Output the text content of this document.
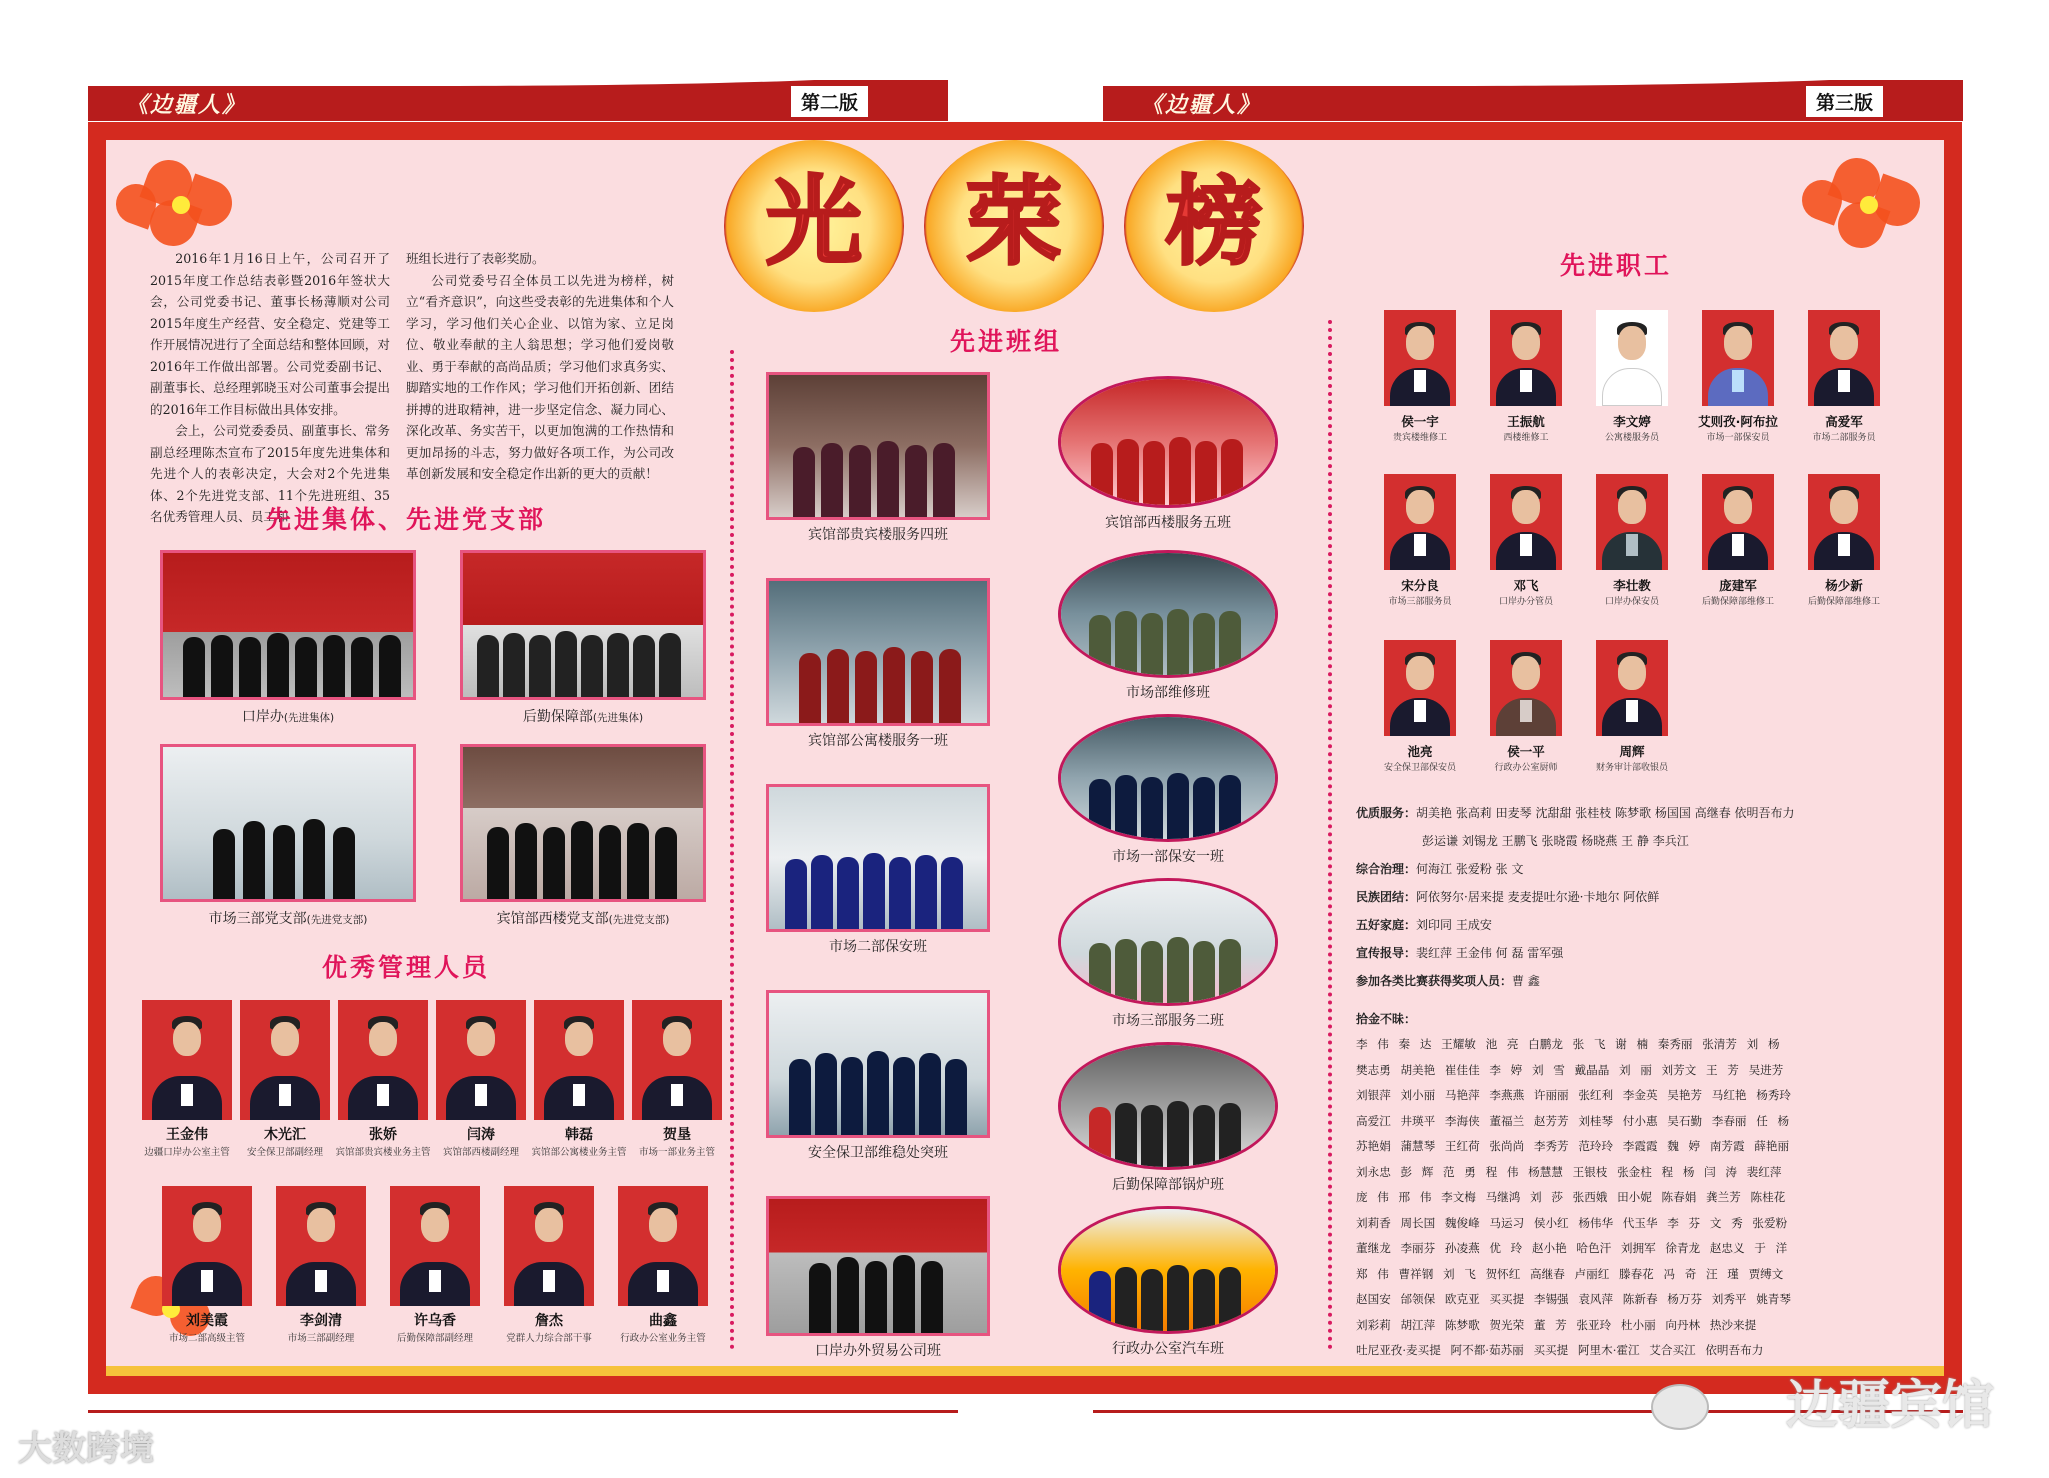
《边疆人》	第二版	《边疆人》	第三版
光	荣	榜

2016年1月16日上午，公司召开了2015年度工作总结表彰暨2016年签状大会，公司党委书记、董事长杨薄顺对公司2015年度生产经营、安全稳定、党建等工作开展情况进行了全面总结和整体回顾，对2016年工作做出部署。公司党委副书记、副董事长、总经理郭晓玉对公司董事会提出的2016年工作目标做出具体安排。

会上，公司党委委员、副董事长、常务副总经理陈杰宣布了2015年度先进集体和先进个人的表彰决定，大会对2个先进集体、2个先进党支部、11个先进班组、35名优秀管理人员、员工和

班组长进行了表彰奖励。

公司党委号召全体员工以先进为榜样，树立“看齐意识”，向这些受表彰的先进集体和个人学习，学习他们关心企业、以馆为家、立足岗位、敬业奉献的主人翁思想；学习他们爱岗敬业、勇于奉献的高尚品质；学习他们求真务实、脚踏实地的工作作风；学习他们开拓创新、团结拼搏的进取精神，进一步坚定信念、凝力同心、深化改革、务实苦干，以更加饱满的工作热情和更加昂扬的斗志，努力做好各项工作，为公司改革创新发展和安全稳定作出新的更大的贡献！

先进集体、先进党支部
口岸办(先进集体)	后勤保障部(先进集体)
市场三部党支部(先进党支部)	宾馆部西楼党支部(先进党支部)
优秀管理人员
王金伟	木光汇	张娇	闫涛	韩磊	贺垦
边疆口岸办公室主管	安全保卫部副经理	宾馆部贵宾楼业务主管	宾馆部西楼副经理	宾馆部公寓楼业务主管	市场一部业务主管
刘美霞	李剑清	许乌香	詹杰	曲鑫
市场二部高级主管	市场三部副经理	后勤保障部副经理	党群人力综合部干事	行政办公室业务主管
先进班组
宾馆部贵宾楼服务四班
宾馆部公寓楼服务一班
市场二部保安班
安全保卫部维稳处突班
口岸办外贸易公司班
宾馆部西楼服务五班
市场部维修班
市场一部保安一班
市场三部服务二班
后勤保障部锅炉班
行政办公室汽车班
先进职工
侯一宇	王振航	李文婷	艾则孜·阿布拉	高爱军
贵宾楼维修工	西楼维修工	公寓楼服务员	市场一部保安员	市场二部服务员
宋分良	邓飞	李壮教	庞建军	杨少新
市场三部服务员	口岸办分管员	口岸办保安员	后勤保障部维修工	后勤保障部维修工
池亮	侯一平	周辉
安全保卫部保安员	行政办公室厨师	财务审计部收银员
优质服务：胡美艳 张高莉 田麦琴 沈甜甜 张桂枝 陈梦歌 杨国国 高继春 依明吾布力
彭运谦 刘锡龙 王鹏飞 张晓霞 杨晓燕 王 静 李兵江
综合治理：何海江 张爱粉 张 文
民族团结：阿依努尔·居来提 麦麦提吐尔逊·卡地尔 阿依鲜
五好家庭：刘印同 王成安
宣传报导：裴红萍 王金伟 何 磊 雷军强
参加各类比赛获得奖项人员：曹 鑫
拾金不昧：
李 伟 秦 达 王耀敏 池 亮 白鹏龙 张 飞 谢 楠 秦秀丽 张清芳 刘 杨
樊志勇 胡美艳 崔佳佳 李 婷 刘 雪 戴晶晶 刘 丽 刘芳文 王 芳 吴进芳
刘银萍 刘小丽 马艳萍 李燕燕 许丽丽 张红利 李金英 吴艳芳 马红艳 杨秀玲
高爱江 井瑛平 李海侠 董福兰 赵芳芳 刘桂琴 付小惠 吴石勤 李春丽 任 杨
苏艳娟 蒲慧琴 王红荷 张尚尚 李秀芳 范玲玲 李霞霞 魏 婷 南芳霞 薛艳丽
刘永忠 彭 辉 范 勇 程 伟 杨慧慧 王银枝 张金柱 程 杨 闫 涛 裴红萍
庞 伟 邢 伟 李文梅 马继鸿 刘 莎 张西娥 田小妮 陈春娟 龚兰芳 陈桂花
刘莉香 周长国 魏俊峰 马运习 侯小红 杨伟华 代玉华 李 芬 文 秀 张爱粉
董继龙 李丽芬 孙凌燕 优 玲 赵小艳 哈色汗 刘拥军 徐青龙 赵忠义 于 洋
郑 伟 曹祥钢 刘 飞 贺怀红 高继春 卢丽红 滕春花 冯 奇 汪 瑾 贾缚文
赵国安 邰领保 欧克亚 买买提 李锡强 袁风萍 陈新春 杨万芬 刘秀平 姚青琴
刘彩莉 胡江萍 陈梦歌 贺光荣 董 芳 张亚玲 杜小丽 向丹林 热沙来提
吐尼亚孜·麦买提 阿不都·茹苏丽 买买提 阿里木·霍江 艾合买江 依明吾布力
边疆宾馆
大数跨境
